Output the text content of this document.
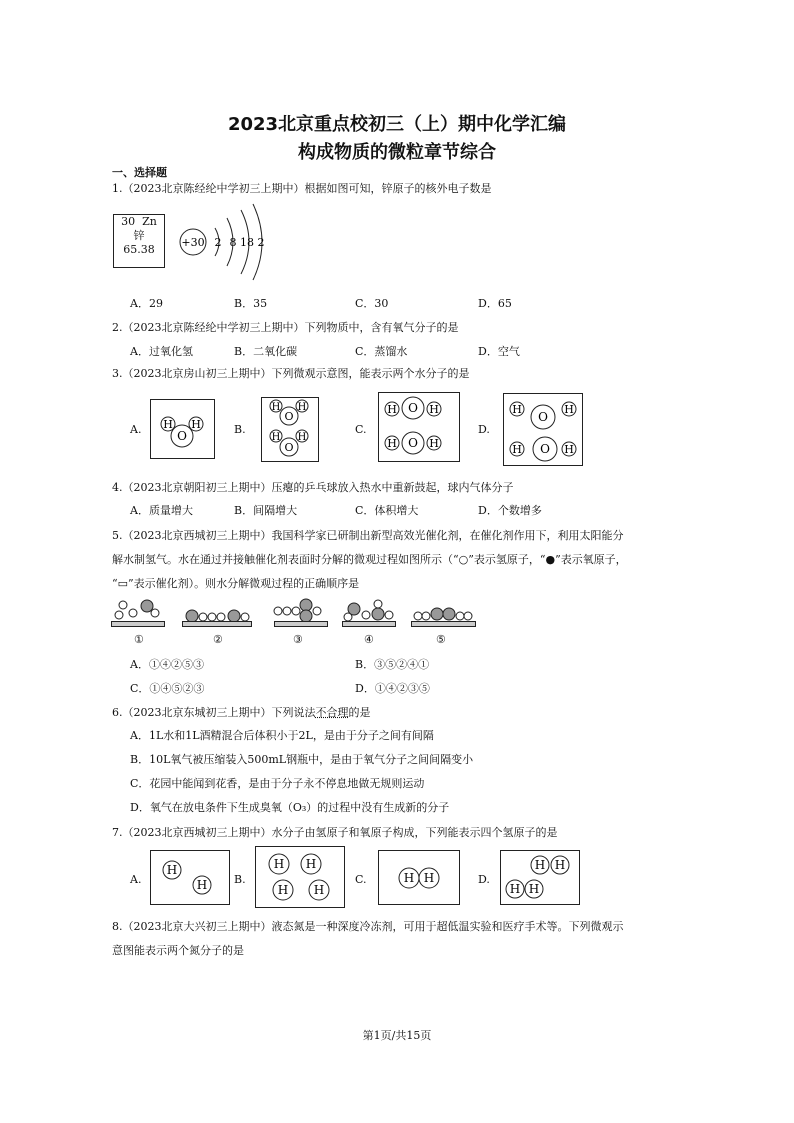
2023北京重点校初三（上）期中化学汇编
构成物质的微粒章节综合
一、选择题
1.（2023北京陈经纶中学初三上期中）根据如图可知，锌原子的核外电子数是
30 Zn
锌
65.38
+30 2 8 18 2
A．29	B．35	C．30	D．65
2.（2023北京陈经纶中学初三上期中）下列物质中，含有氧气分子的是
A．过氧化氢	B．二氧化碳	C．蒸馏水	D．空气
3.（2023北京房山初三上期中）下列微观示意图，能表示两个水分子的是
A.	B.	C.	D.
H H
O
H H
O
H H
O
H O H
H O H
H
O
H
H O H
4.（2023北京朝阳初三上期中）压瘪的乒乓球放入热水中重新鼓起，球内气体分子
A．质量增大	B．间隔增大	C．体积增大	D．个数增多
5.（2023北京西城初三上期中）我国科学家已研制出新型高效光催化剂，在催化剂作用下，利用太阳能分
解水制氢气。水在通过并接触催化剂表面时分解的微观过程如图所示（“○”表示氢原子，“●”表示氧原子，
“▭”表示催化剂）。则水分解微观过程的正确顺序是
①	②	③	④	⑤
A．①④②⑤③	B．③⑤②④①
C．①④⑤②③	D．①④②③⑤
6.（2023北京东城初三上期中）下列说法不合理的是
A．1L水和1L酒精混合后体积小于2L，是由于分子之间有间隔
B．10L氧气被压缩装入500mL钢瓶中，是由于氧气分子之间间隔变小
C．花园中能闻到花香，是由于分子永不停息地做无规则运动
D．氧气在放电条件下生成臭氧（O₃）的过程中没有生成新的分子
7.（2023北京西城初三上期中）水分子由氢原子和氧原子构成，下列能表示四个氢原子的是
A.	B.	C.	D.
H
H
H H
H H
H H
H H
H H
8.（2023北京大兴初三上期中）液态氮是一种深度冷冻剂，可用于超低温实验和医疗手术等。下列微观示
意图能表示两个氮分子的是
第1页/共15页
